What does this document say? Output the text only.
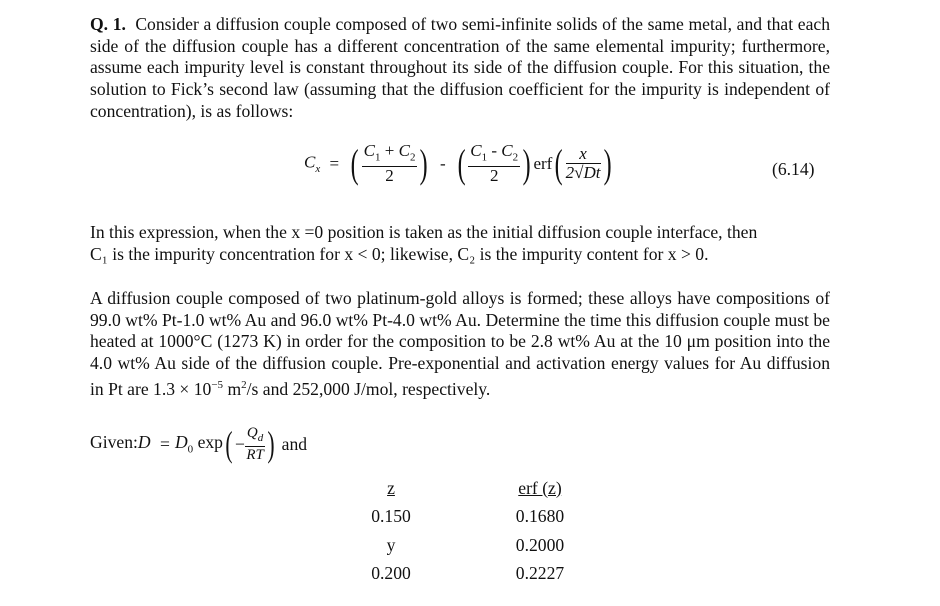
Q. 1. Consider a diffusion couple composed of two semi-infinite solids of the same metal, and that each side of the diffusion couple has a different concentration of the same elemental impurity; furthermore, assume each impurity level is constant throughout its side of the diffusion couple. For this situation, the solution to Fick’s second law (assuming that the diffusion coefficient for the impurity is independent of concentration), is as follows:

$C_x$ = ( $\frac{C_1 + C_2}{2}$ ) - ( $\frac{C_1 - C_2}{2}$ ) $erf( \frac{x}{2√Dt}$ )	(6.14)

In this expression, when the x =0 position is taken as the initial diffusion couple interface, then
C₁ is the impurity concentration for x < 0; likewise, C₂ is the impurity content for x > 0.

A diffusion couple composed of two platinum-gold alloys is formed; these alloys have compositions of 99.0 wt% Pt-1.0 wt% Au and 96.0 wt% Pt-4.0 wt% Au. Determine the time this diffusion couple must be heated at 1000°C (1273 K) in order for the composition to be 2.8 wt% Au at the 10 μm position into the 4.0 wt% Au side of the diffusion couple. Pre-exponential and activation energy values for Au diffusion in Pt are $1.3 \times 10^{-5}$ $m^2/s$ and 252,000 J/mol, respectively.

Given:D = $D_0$ $\exp( - \frac{Q_d}{RT}$ ) and
z	erf (z)
0.150	0.1680
y	0.2000
0.200	0.2227
